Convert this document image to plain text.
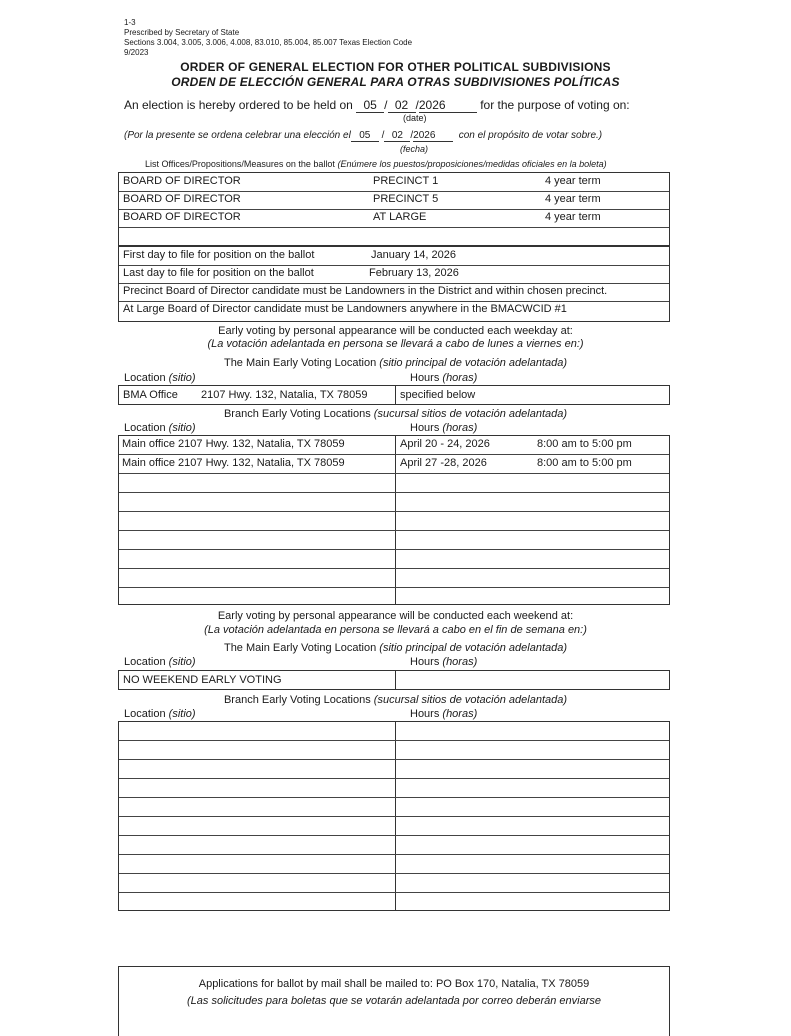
1-3
Prescribed by Secretary of State
Sections 3.004, 3.005, 3.006, 4.008, 83.010, 85.004, 85.007 Texas Election Code
9/2023
ORDER OF GENERAL ELECTION FOR OTHER POLITICAL SUBDIVISIONS
ORDEN DE ELECCIÓN GENERAL PARA OTRAS SUBDIVISIONES POLÍTICAS
An election is hereby ordered to be held on 05 / 02 /2026	for the purpose of voting on:
(date)
(Por la presente se ordena celebrar una elección el 05 / 02 /2026 con el propósito de votar sobre.)
(fecha)
List Offices/Propositions/Measures on the ballot (Enúmere los puestos/proposiciones/medidas oficiales en la boleta)
BOARD OF DIRECTOR	PRECINCT 1	4 year term
BOARD OF DIRECTOR	PRECINCT 5	4 year term
BOARD OF DIRECTOR	AT LARGE	4 year term
First day to file for position on the ballot	January 14, 2026
Last day to file for position on the ballot	February 13, 2026
Precinct Board of Director candidate must be Landowners in the District and within chosen precinct.
At Large Board of Director candidate must be Landowners anywhere in the BMACWCID #1
Early voting by personal appearance will be conducted each weekday at:
(La votación adelantada en persona se llevará a cabo de lunes a viernes en:)
The Main Early Voting Location (sitio principal de votación adelantada)
Location (sitio)	Hours (horas)
BMA Office 2107 Hwy. 132, Natalia, TX 78059	specified below
Branch Early Voting Locations (sucursal sitios de votación adelantada)
Location (sitio)	Hours (horas)
Main office 2107 Hwy. 132, Natalia, TX 78059	April 20 - 24, 2026	8:00 am to 5:00 pm
Main office 2107 Hwy. 132, Natalia, TX 78059	April 27 -28, 2026	8:00 am to 5:00 pm
Early voting by personal appearance will be conducted each weekend at:
(La votación adelantada en persona se llevará a cabo en el fin de semana en:)
The Main Early Voting Location (sitio principal de votación adelantada)
Location (sitio)	Hours (horas)
NO WEEKEND EARLY VOTING
Branch Early Voting Locations (sucursal sitios de votación adelantada)
Location (sitio)	Hours (horas)
Applications for ballot by mail shall be mailed to: PO Box 170, Natalia, TX 78059
(Las solicitudes para boletas que se votarán adelantada por correo deberán enviarse
